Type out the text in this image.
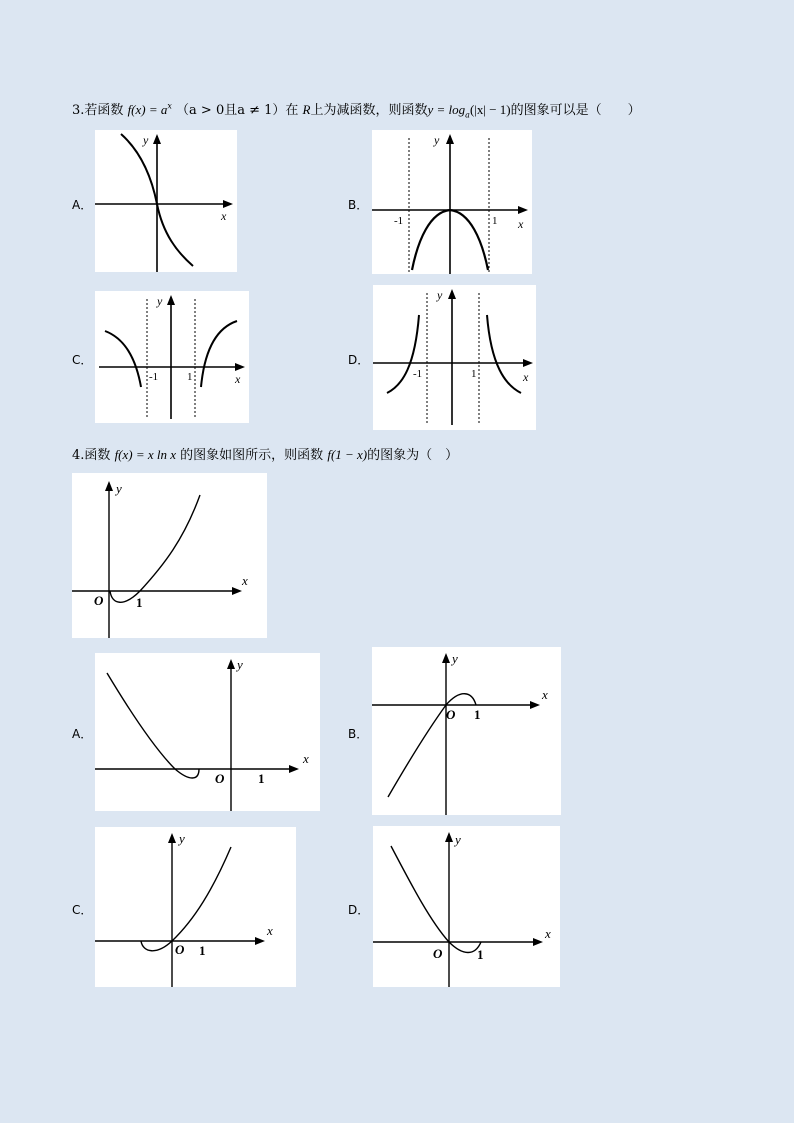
3.若函数 $f(x) = a^x$ （a > 0且a ≠ 1）在 R上为减函数，则函数$y = \log_a(|x| - 1)$的图象可以是（　　）
A．
x
y
B．
x
y
-1	1
C．
x
y
-1	1
D．
x
y
-1	1
4.函数 f(x) = x ln x 的图象如图所示，则函数 f(1 − x)的图象为（　）
x
y
O	1
A．
x
y
O	1
B．
x
y
O 1
C．
x
y
O 1
D．
x
y
O	1
